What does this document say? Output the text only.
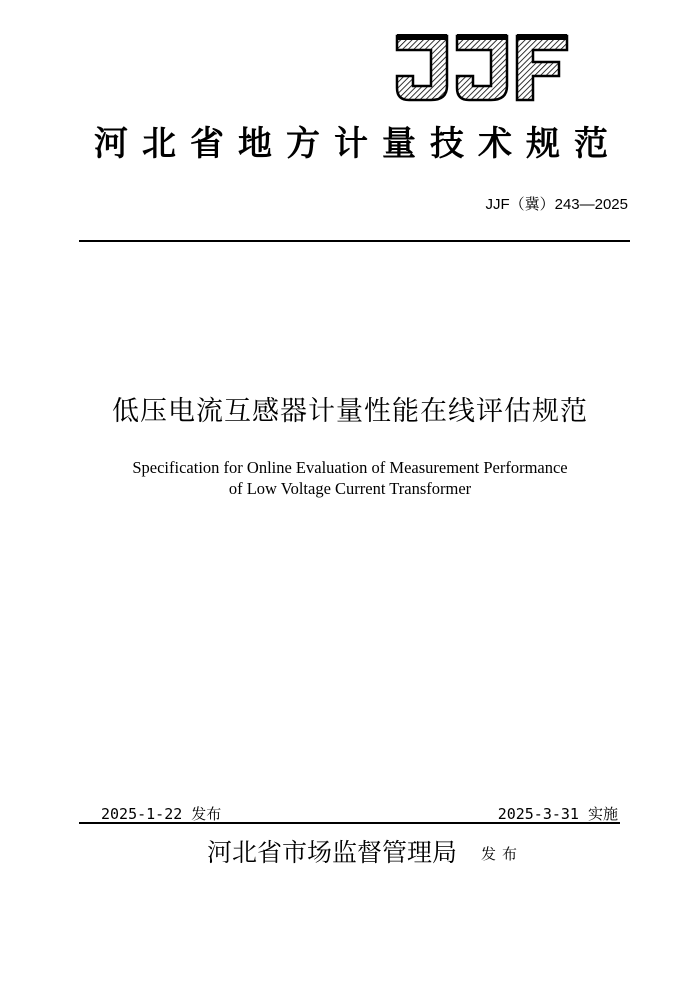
河北省地方计量技术规范
JJF（冀）243—2025
低压电流互感器计量性能在线评估规范
Specification for Online Evaluation of Measurement Performance
of Low Voltage Current Transformer
2025-1-22 发布	2025-3-31 实施
河北省市场监督管理局 发布
